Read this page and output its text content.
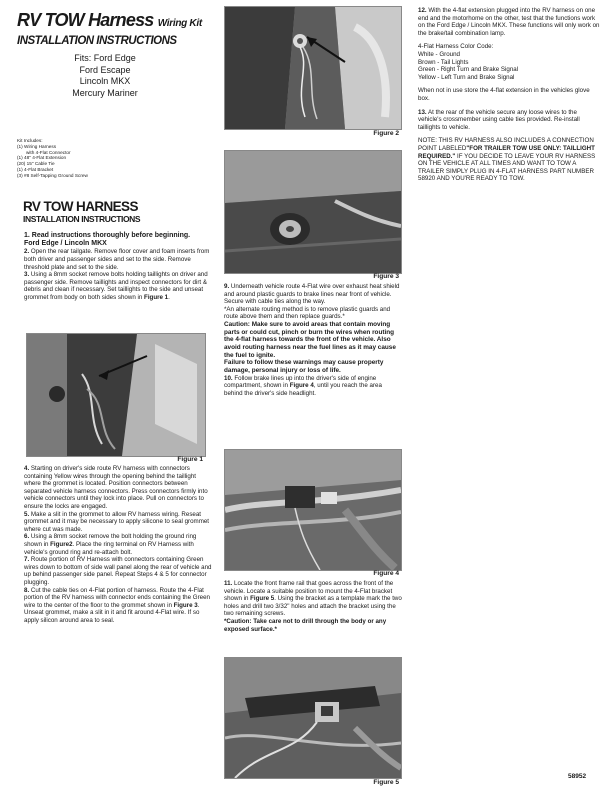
RV TOW Harness Wiring Kit
INSTALLATION INSTRUCTIONS
Fits: Ford Edge
Ford Escape
Lincoln MKX
Mercury Mariner
Kit Includes:
(1) Wiring Harness
with 4-Flat Connector
(1) 48" 4-Flat Extension
(20) 15" Cable Tie
(1) 4-Flat Bracket
(3) #8 Self-Tapping Ground Screw
RV TOW HARNESS
INSTALLATION INSTRUCTIONS

1. Read instructions thoroughly before beginning.
Ford Edge / Lincoln MKX

2. Open the rear tailgate. Remove floor cover and foam inserts from both driver and passenger sides and set to the side. Remove threshold plate and set to the side.

3. Using a 8mm socket remove bolts holding taillights on driver and passenger side. Remove taillights and inspect connectors for dirt & debris and clean if necessary. Set taillights to the side and unseat grommet from body on both sides shown in Figure 1.

Figure 1

4. Starting on driver's side route RV harness with connectors containing Yellow wires through the opening behind the taillight where the grommet is located. Position connectors between separated vehicle harness connectors. Press connectors firmly into vehicle connectors until they lock into place. Pull on connectors to ensure the locks are engaged.

5. Make a slit in the grommet to allow RV harness wiring. Reseat grommet and it may be necessary to apply silicone to seal grommet where cut was made.

6. Using a 8mm socket remove the bolt holding the ground ring shown in Figure2. Place the ring terminal on RV Harness with vehicle's ground ring and re-attach bolt.

7. Route portion of RV Harness with connectors containing Green wires down to bottom of side wall panel along the rear of vehicle and up behind passenger side panel. Repeat Steps 4 & 5 for connector plugging.

8. Cut the cable ties on 4-Flat portion of harness. Route the 4-Flat portion of the RV harness with connector ends containing the Green wire to the center of the floor to the grommet shown in Figure 3. Unseat grommet, make a slit in it and fit around 4-Flat wire. If so apply silicon around area to seal.

Figure 2
Figure 3

9. Underneath vehicle route 4-Flat wire over exhaust heat shield and around plastic guards to brake lines near front of vehicle. Secure with cable ties along the way.

*An alternate routing method is to remove plastic guards and route above them and then replace guards.*

Caution: Make sure to avoid areas that contain moving parts or could cut, pinch or burn the wires when routing the 4-flat harness towards the front of the vehicle. Also avoid routing harness near the fuel lines as it may cause the fuel to ignite.

Failure to follow these warnings may cause property damage, personal injury or loss of life.

10. Follow brake lines up into the driver's side of engine compartment, shown in Figure 4, until you reach the area behind the driver's side headlight.

Figure 4

11. Locate the front frame rail that goes across the front of the vehicle. Locate a suitable position to mount the 4-Flat bracket shown in Figure 5. Using the bracket as a template mark the two holes and drill two 3/32" holes and attach the bracket using the two remaining screws.

*Caution: Take care not to drill through the body or any exposed surface.*

Figure 5

12. With the 4-flat extension plugged into the RV harness on one end and the motorhome on the other, test that the functions work on the Ford Edge / Lincoln MKX. These functions will only work on the brake/tail combination lamp.

4-Flat Harness Color Code:

White - Ground

Brown - Tail Lights

Green - Right Turn and Brake Signal

Yellow - Left Turn and Brake Signal

When not in use store the 4-flat extension in the vehicles glove box.

13. At the rear of the vehicle secure any loose wires to the vehicle's crossmember using cable ties provided. Re-install taillights to vehicle.

NOTE: THIS RV HARNESS ALSO INCLUDES A CONNECTION POINT LABELED"FOR TRAILER TOW USE ONLY: TAILLIGHT REQUIRED." IF YOU DECIDE TO LEAVE YOUR RV HARNESS ON THE VEHICLE AT ALL TIMES AND WANT TO TOW A TRAILER SIMPLY PLUG IN 4-FLAT HARNESS PART NUMBER 58920 AND YOU'RE READY TO TOW.

58952
